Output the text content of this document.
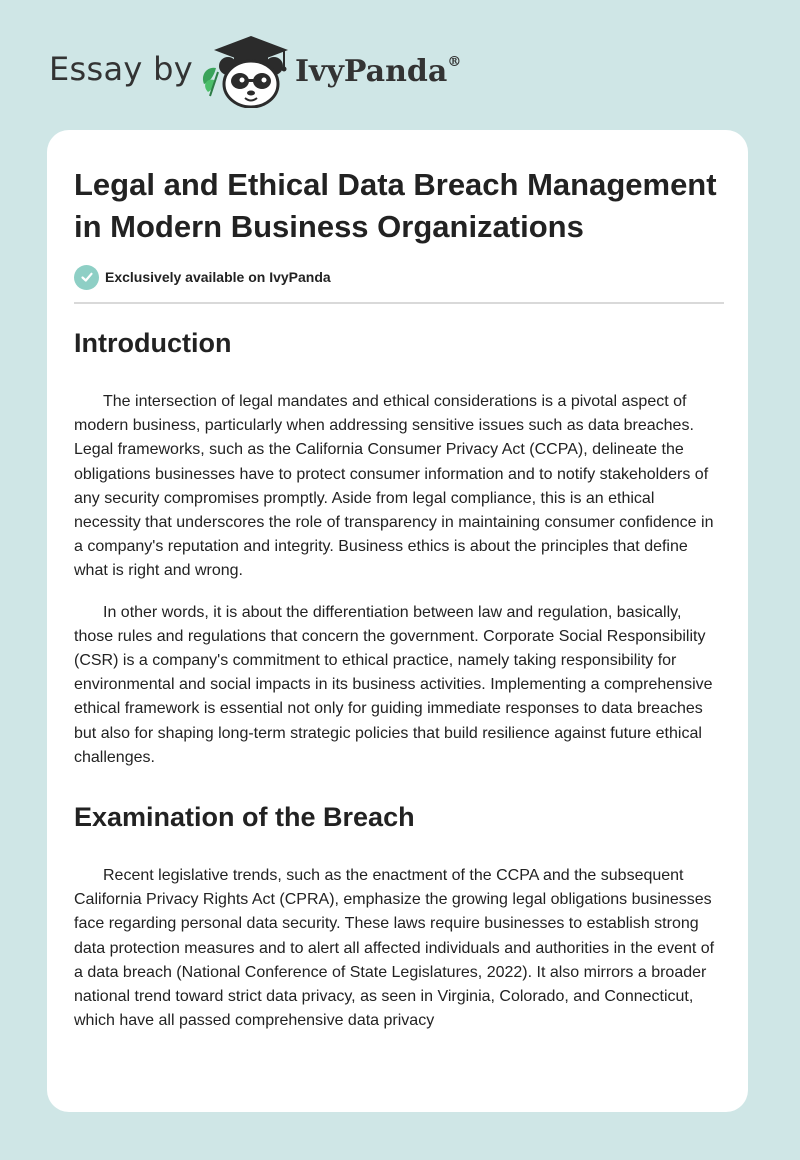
Essay by	IvyPanda®
Legal and Ethical Data Breach Management in Modern Business Organizations
Exclusively available on IvyPanda
Introduction

The intersection of legal mandates and ethical considerations is a pivotal aspect of modern business, particularly when addressing sensitive issues such as data breaches. Legal frameworks, such as the California Consumer Privacy Act (CCPA), delineate the obligations businesses have to protect consumer information and to notify stakeholders of any security compromises promptly. Aside from legal compliance, this is an ethical necessity that underscores the role of transparency in maintaining consumer confidence in a company's reputation and integrity. Business ethics is about the principles that define what is right and wrong.

In other words, it is about the differentiation between law and regulation, basically, those rules and regulations that concern the government. Corporate Social Responsibility (CSR) is a company's commitment to ethical practice, namely taking responsibility for environmental and social impacts in its business activities. Implementing a comprehensive ethical framework is essential not only for guiding immediate responses to data breaches but also for shaping long-term strategic policies that build resilience against future ethical challenges.

Examination of the Breach

Recent legislative trends, such as the enactment of the CCPA and the subsequent California Privacy Rights Act (CPRA), emphasize the growing legal obligations businesses face regarding personal data security. These laws require businesses to establish strong data protection measures and to alert all affected individuals and authorities in the event of a data breach (National Conference of State Legislatures, 2022). It also mirrors a broader national trend toward strict data privacy, as seen in Virginia, Colorado, and Connecticut, which have all passed comprehensive data privacy
